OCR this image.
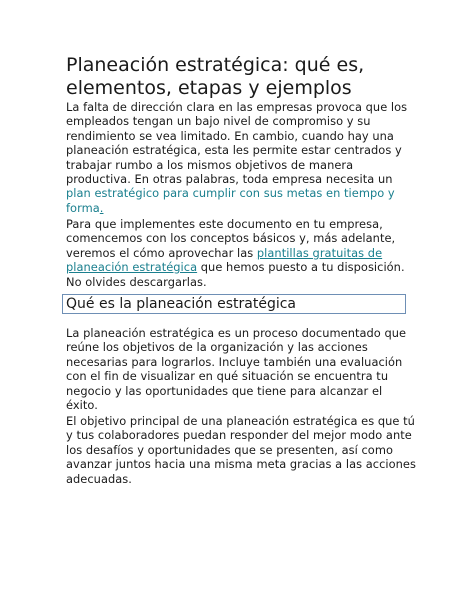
Planeación estratégica: qué es,
elementos, etapas y ejemplos

La falta de dirección clara en las empresas provoca que los empleados tengan un bajo nivel de compromiso y su rendimiento se vea limitado. En cambio, cuando hay una planeación estratégica, esta les permite estar centrados y trabajar rumbo a los mismos objetivos de manera productiva. En otras palabras, toda empresa necesita un plan estratégico para cumplir con sus metas en tiempo y forma.

Para que implementes este documento en tu empresa, comencemos con los conceptos básicos y, más adelante, veremos el cómo aprovechar las plantillas gratuitas de planeación estratégica que hemos puesto a tu disposición. No olvides descargarlas.

Qué es la planeación estratégica

La planeación estratégica es un proceso documentado que reúne los objetivos de la organización y las acciones necesarias para lograrlos. Incluye también una evaluación con el fin de visualizar en qué situación se encuentra tu negocio y las oportunidades que tiene para alcanzar el éxito.

El objetivo principal de una planeación estratégica es que tú y tus colaboradores puedan responder del mejor modo ante los desafíos y oportunidades que se presenten, así como avanzar juntos hacia una misma meta gracias a las acciones adecuadas.
